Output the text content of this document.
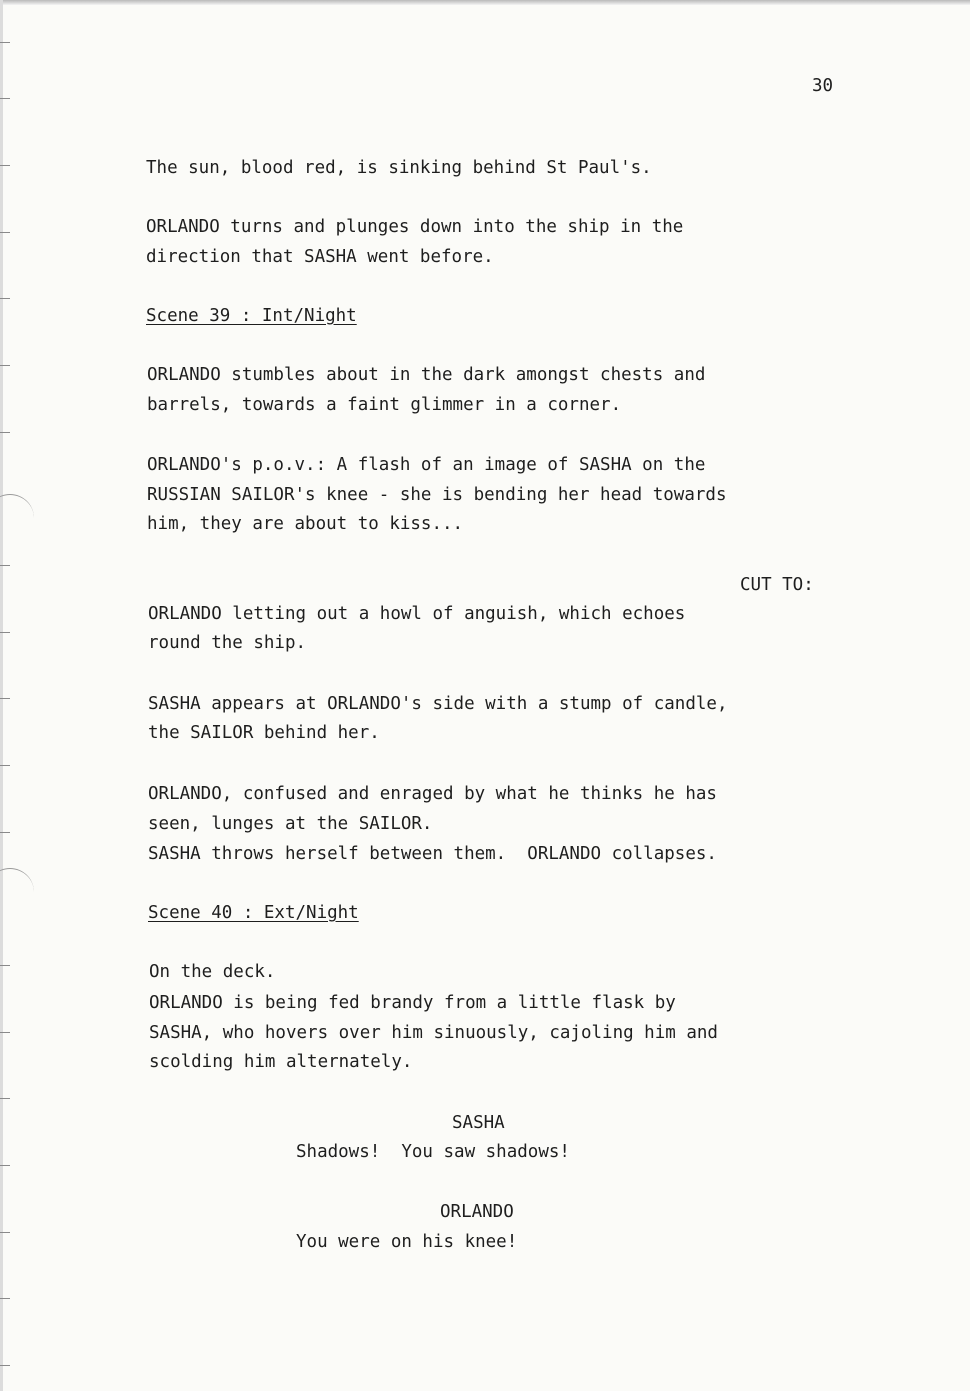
30

The sun, blood red, is sinking behind St Paul's.

ORLANDO turns and plunges down into the ship in the

direction that SASHA went before.

Scene 39 : Int/Night

ORLANDO stumbles about in the dark amongst chests and

barrels, towards a faint glimmer in a corner.

ORLANDO's p.o.v.: A flash of an image of SASHA on the

RUSSIAN SAILOR's knee - she is bending her head towards

him, they are about to kiss...

CUT TO:

ORLANDO letting out a howl of anguish, which echoes

round the ship.

SASHA appears at ORLANDO's side with a stump of candle,

the SAILOR behind her.

ORLANDO, confused and enraged by what he thinks he has

seen, lunges at the SAILOR.

SASHA throws herself between them.  ORLANDO collapses.

Scene 40 : Ext/Night

On the deck.

ORLANDO is being fed brandy from a little flask by

SASHA, who hovers over him sinuously, cajoling him and

scolding him alternately.

SASHA

Shadows!  You saw shadows!

ORLANDO

You were on his knee!
